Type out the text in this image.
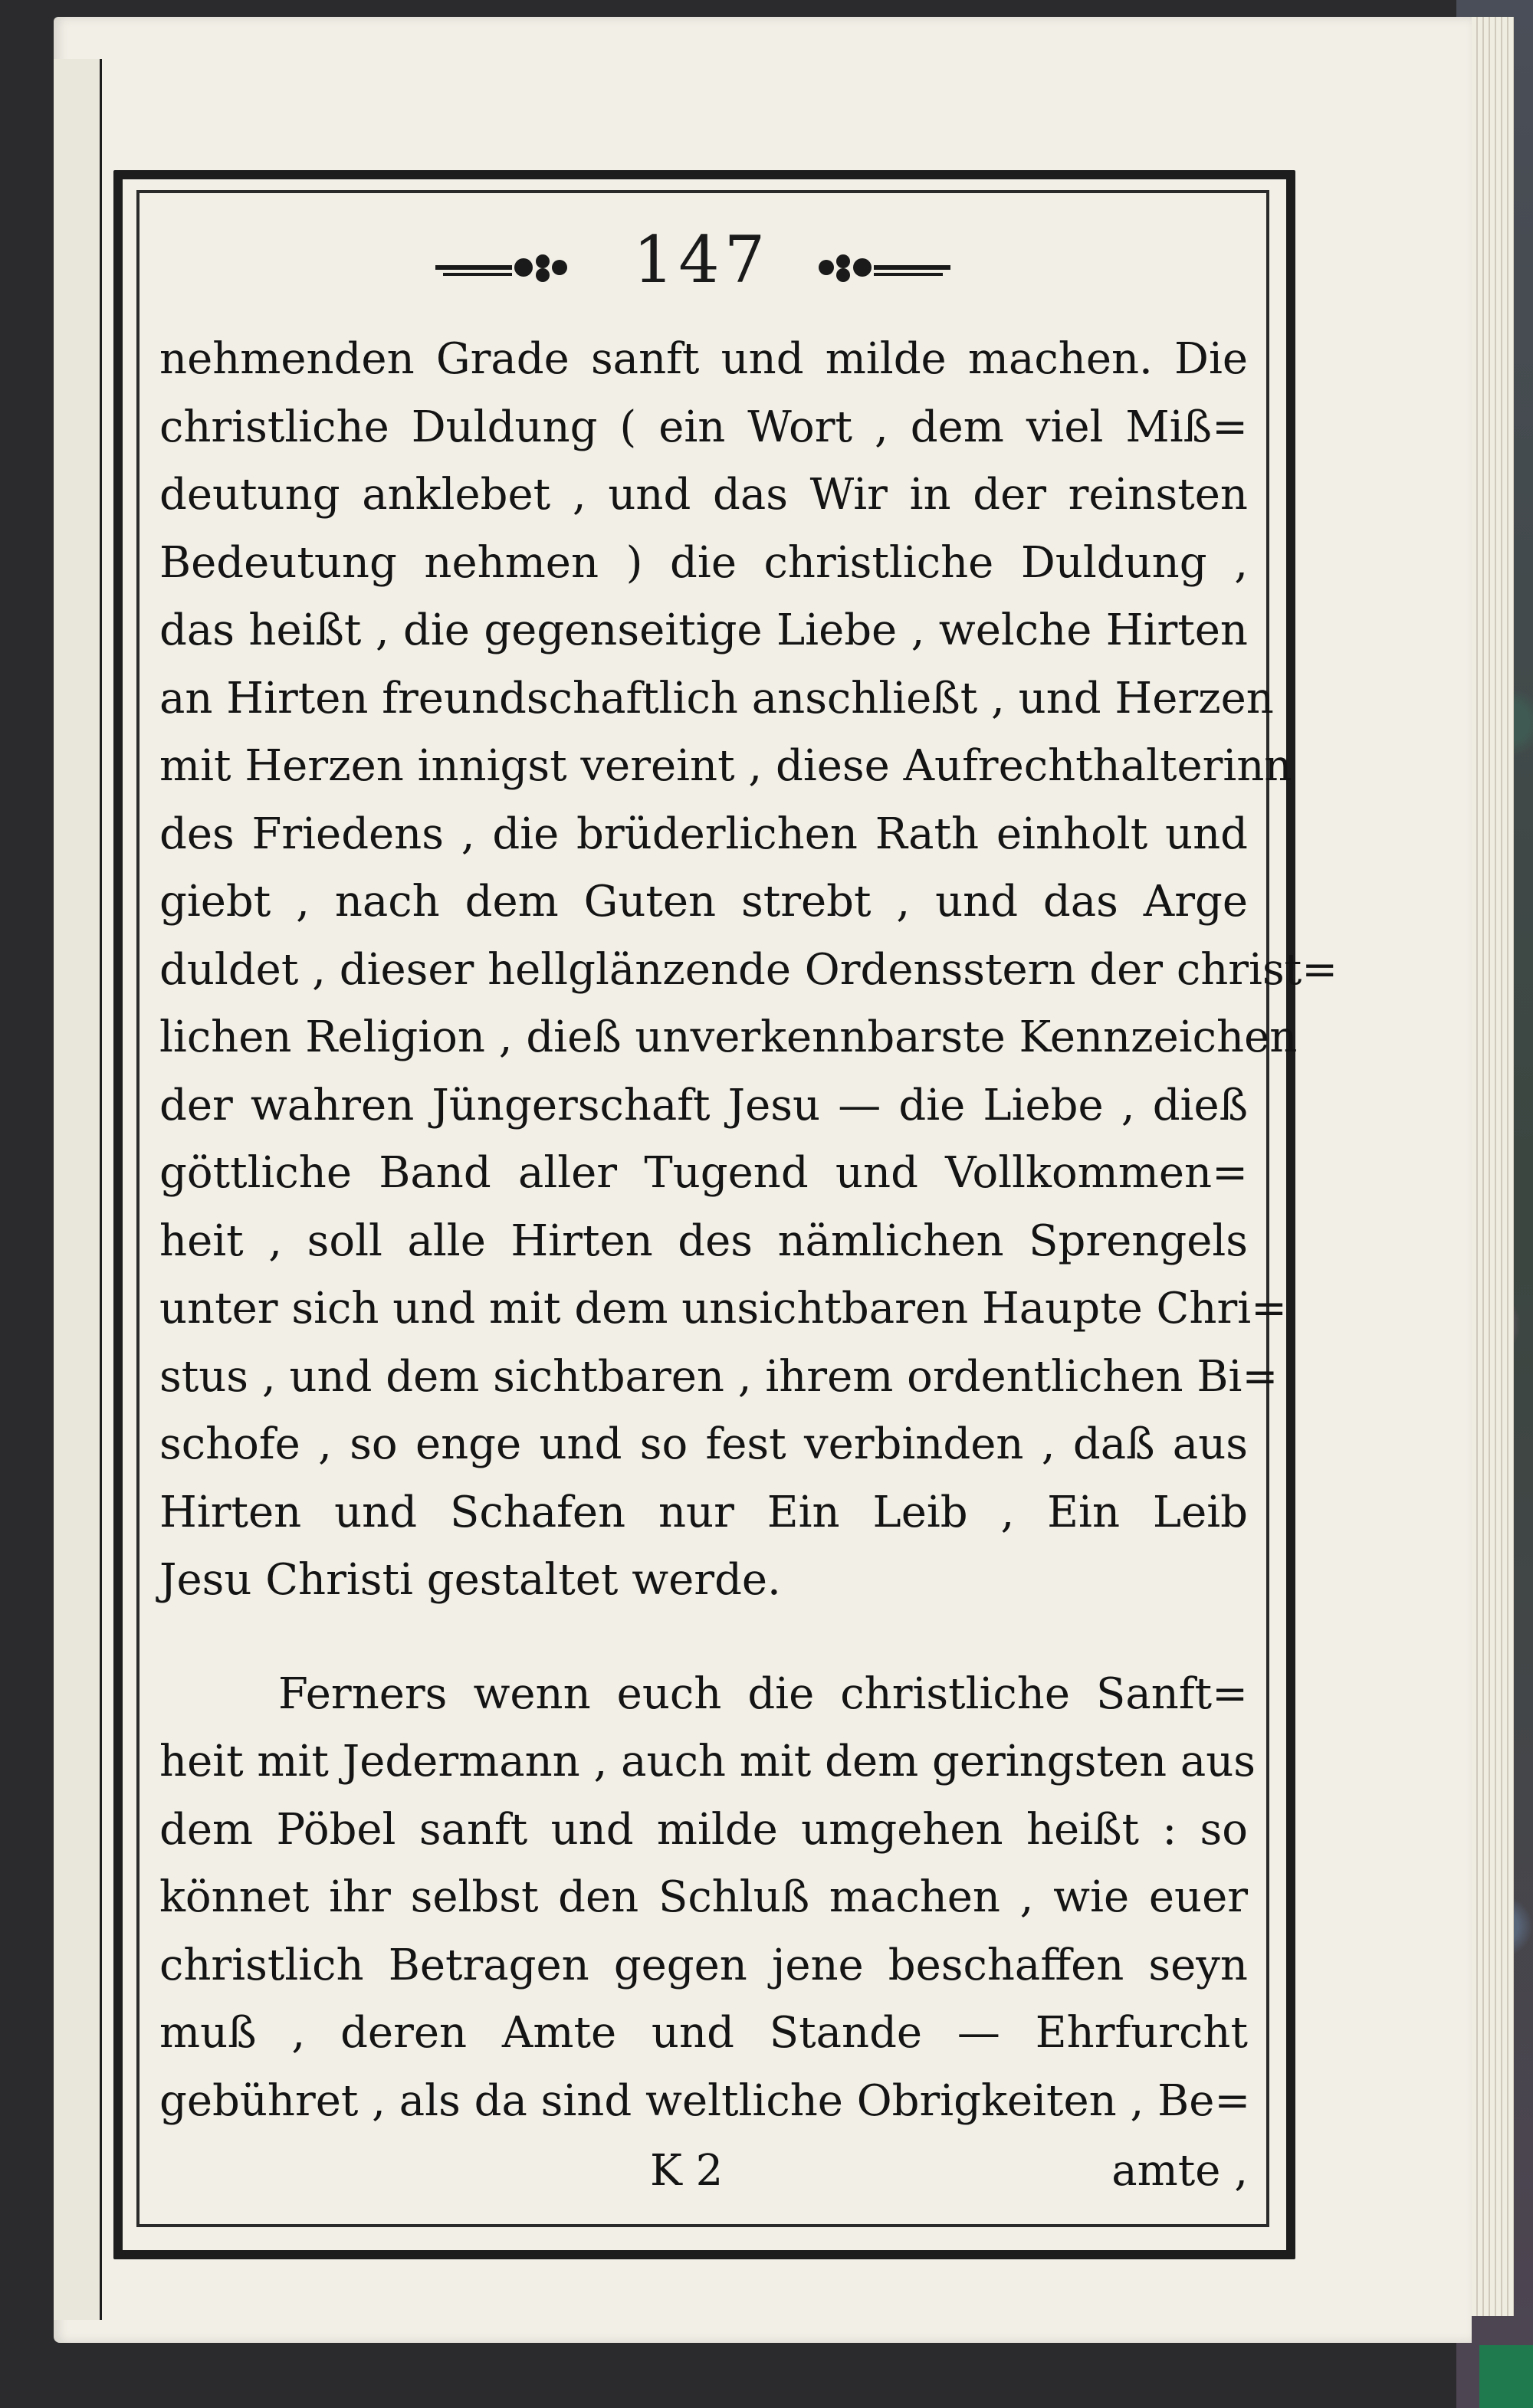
147
nehmenden Grade sanft und milde machen. Die
christliche Duldung ( ein Wort , dem viel Miß=
deutung anklebet , und das Wir in der reinsten
Bedeutung nehmen ) die christliche Duldung ,
das heißt , die gegenseitige Liebe , welche Hirten
an Hirten freundschaftlich anschließt , und Herzen
mit Herzen innigst vereint , diese Aufrechthalterinn
des Friedens , die brüderlichen Rath einholt und
giebt , nach dem Guten strebt , und das Arge
duldet , dieser hellglänzende Ordensstern der christ=
lichen Religion , dieß unverkennbarste Kennzeichen
der wahren Jüngerschaft Jesu — die Liebe , dieß
göttliche Band aller Tugend und Vollkommen=
heit , soll alle Hirten des nämlichen Sprengels
unter sich und mit dem unsichtbaren Haupte Chri=
stus , und dem sichtbaren , ihrem ordentlichen Bi=
schofe , so enge und so fest verbinden , daß aus
Hirten und Schafen nur Ein Leib , Ein Leib
Jesu Christi gestaltet werde.
Ferners wenn euch die christliche Sanft=
heit mit Jedermann , auch mit dem geringsten aus
dem Pöbel sanft und milde umgehen heißt : so
könnet ihr selbst den Schluß machen , wie euer
christlich Betragen gegen jene beschaffen seyn
muß , deren Amte und Stande — Ehrfurcht
gebühret , als da sind weltliche Obrigkeiten , Be=
K 2	amte ,
